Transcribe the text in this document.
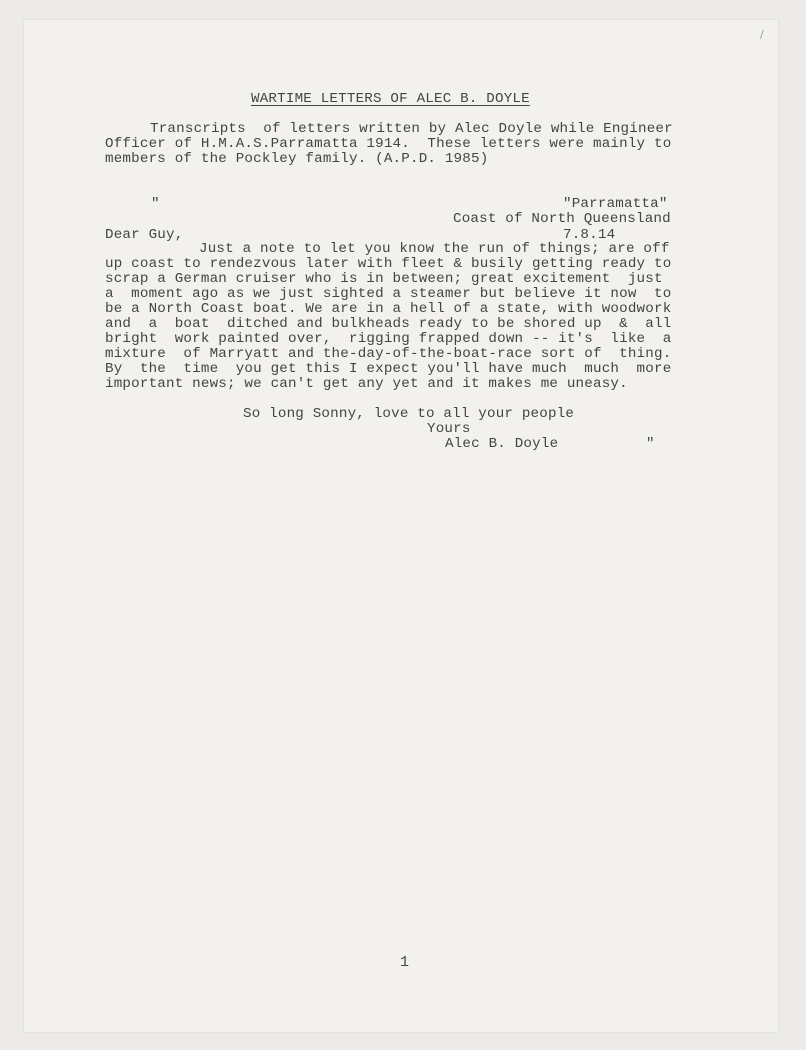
/
WARTIME LETTERS OF ALEC B. DOYLE
Transcripts  of letters written by Alec Doyle while Engineer
Officer of H.M.A.S.Parramatta 1914.  These letters were mainly to
members of the Pockley family. (A.P.D. 1985)
"	"Parramatta"
Coast of North Queensland
Dear Guy,	7.8.14
Just a note to let you know the run of things; are off
up coast to rendezvous later with fleet & busily getting ready to
scrap a German cruiser who is in between; great excitement  just
a  moment ago as we just sighted a steamer but believe it now  to
be a North Coast boat. We are in a hell of a state, with woodwork
and  a  boat  ditched and bulkheads ready to be shored up  &  all
bright  work painted over,  rigging frapped down -- it's  like  a
mixture  of Marryatt and the-day-of-the-boat-race sort of  thing.
By  the  time  you get this I expect you'll have much  much  more
important news; we can't get any yet and it makes me uneasy.
So long Sonny, love to all your people
Yours
Alec B. Doyle	"
1
